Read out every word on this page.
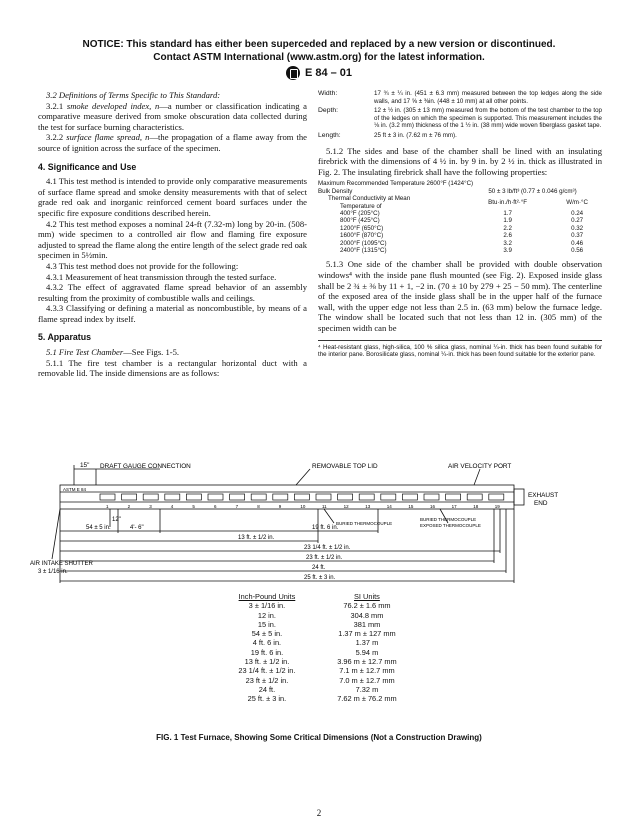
NOTICE: This standard has either been superceded and replaced by a new version or discontinued.
Contact ASTM International (www.astm.org) for the latest information.
E 84 – 01

3.2 Definitions of Terms Specific to This Standard:

3.2.1 smoke developed index, n—a number or classification indicating a comparative measure derived from smoke obscuration data collected during the test for surface burning characteristics.

3.2.2 surface flame spread, n—the propagation of a flame away from the source of ignition across the surface of the specimen.

4. Significance and Use

4.1 This test method is intended to provide only comparative measurements of surface flame spread and smoke density measurements with that of select grade red oak and inorganic reinforced cement board surfaces under the specific fire exposure conditions described herein.

4.2 This test method exposes a nominal 24-ft (7.32-m) long by 20-in. (508-mm) wide specimen to a controlled air flow and flaming fire exposure adjusted to spread the flame along the entire length of the select grade red oak specimen in 5½min.

4.3 This test method does not provide for the following:

4.3.1 Measurement of heat transmission through the tested surface.

4.3.2 The effect of aggravated flame spread behavior of an assembly resulting from the proximity of combustible walls and ceilings.

4.3.3 Classifying or defining a material as noncombustible, by means of a flame spread index by itself.

5. Apparatus

5.1 Fire Test Chamber—See Figs. 1-5.

5.1.1 The fire test chamber is a rectangular horizontal duct with a removable lid. The inside dimensions are as follows:

Width:	17 ¾ ± ¼ in. (451 ± 6.3 mm) measured between the top ledges along the side walls, and 17 ⅝ ± ⅜in. (448 ± 10 mm) at all other points.
Depth:	12 ± ½ in. (305 ± 13 mm) measured from the bottom of the test chamber to the top of the ledges on which the specimen is supported. This measurement includes the ⅛ in. (3.2 mm) thickness of the 1 ½ in. (38 mm) wide woven fiberglass gasket tape.
Length:	25 ft ± 3 in. (7.62 m ± 76 mm).

5.1.2 The sides and base of the chamber shall be lined with an insulating firebrick with the dimensions of 4 ½ in. by 9 in. by 2 ½ in. thick as illustrated in Fig. 2. The insulating firebrick shall have the following properties:

Maximum Recommended Temperature 2600°F (1424°C)
Bulk Density	50 ± 3 lb/ft³ (0.77 ± 0.046 g/cm³)	
Thermal Conductivity at Mean
Temperature of	Btu·in./h·ft²·°F	W/m·°C
400°F (205°C)	1.7	0.24
800°F (425°C)	1.9	0.27
1200°F (650°C)	2.2	0.32
1600°F (870°C)	2.6	0.37
2000°F (1095°C)	3.2	0.46
2400°F (1315°C)	3.9	0.56

5.1.3 One side of the chamber shall be provided with double observation windows⁴ with the inside pane flush mounted (see Fig. 2). Exposed inside glass shall be 2 ¾ ± ⅜ by 11 + 1, −2 in. (70 ± 10 by 279 + 25 − 50 mm). The centerline of the exposed area of the inside glass shall be in the upper half of the furnace wall, with the upper edge not less than 2.5 in. (63 mm) below the furnace ledge. The window shall be located such that not less than 12 in. (305 mm) of the specimen width can be

⁴ Heat-resistant glass, high-silica, 100 % silica glass, nominal ¼-in. thick has been found suitable for the interior pane. Borosilicate glass, nominal ¼-in. thick has been found suitable for the exterior pane.
1	2	3	4	5	6	7	8	9	10	11	12	13	14	15	16	17	18	19
DRAFT GAUGE CONNECTION	REMOVABLE TOP LID	AIR VELOCITY PORT
15"
EXHAUST
END
ASTM E 84
BURIED THERMOCOUPLE
BURIED THERMOCOUPLE
EXPOSED THERMOCOUPLE
12"
54 ± 5 in.	4'- 6"	19 ft. 6 in.
13 ft. ± 1/2 in.
23 1/4 ft. ± 1/2 in.
23 ft. ± 1/2 in.
24 ft.
25 ft. ± 3 in.
AIR INTAKE SHUTTER
3 ± 1/16 in.
Inch-Pound Units	SI Units
3 ± 1/16 in.	76.2 ± 1.6 mm
12 in.	304.8 mm
15 in.	381 mm
54 ± 5 in.	1.37 m ± 127 mm
4 ft. 6 in.	1.37 m
19 ft. 6 in.	5.94 m
13 ft. ± 1/2 in.	3.96 m ± 12.7 mm
23 1/4 ft. ± 1/2 in.	7.1 m ± 12.7 mm
23 ft ± 1/2 in.	7.0 m ± 12.7 mm
24 ft.	7.32 m
25 ft. ± 3 in.	7.62 m ± 76.2 mm
FIG. 1 Test Furnace, Showing Some Critical Dimensions (Not a Construction Drawing)
2
